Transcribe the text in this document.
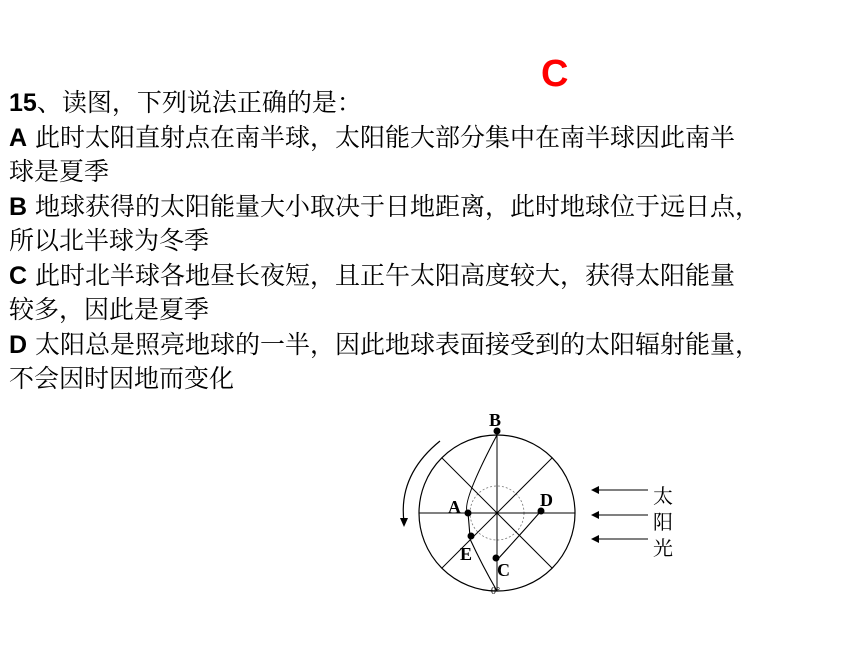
C
15、读图，下列说法正确的是：
A 此时太阳直射点在南半球，太阳能大部分集中在南半球因此南半
球是夏季
B 地球获得的太阳能量大小取决于日地距离，此时地球位于远日点，
所以北半球为冬季
C 此时北半球各地昼长夜短，且正午太阳高度较大，获得太阳能量
较多，因此是夏季
D 太阳总是照亮地球的一半，因此地球表面接受到的太阳辐射能量，
不会因时因地而变化
B
A	D
E
C
0°
太
阳
光
